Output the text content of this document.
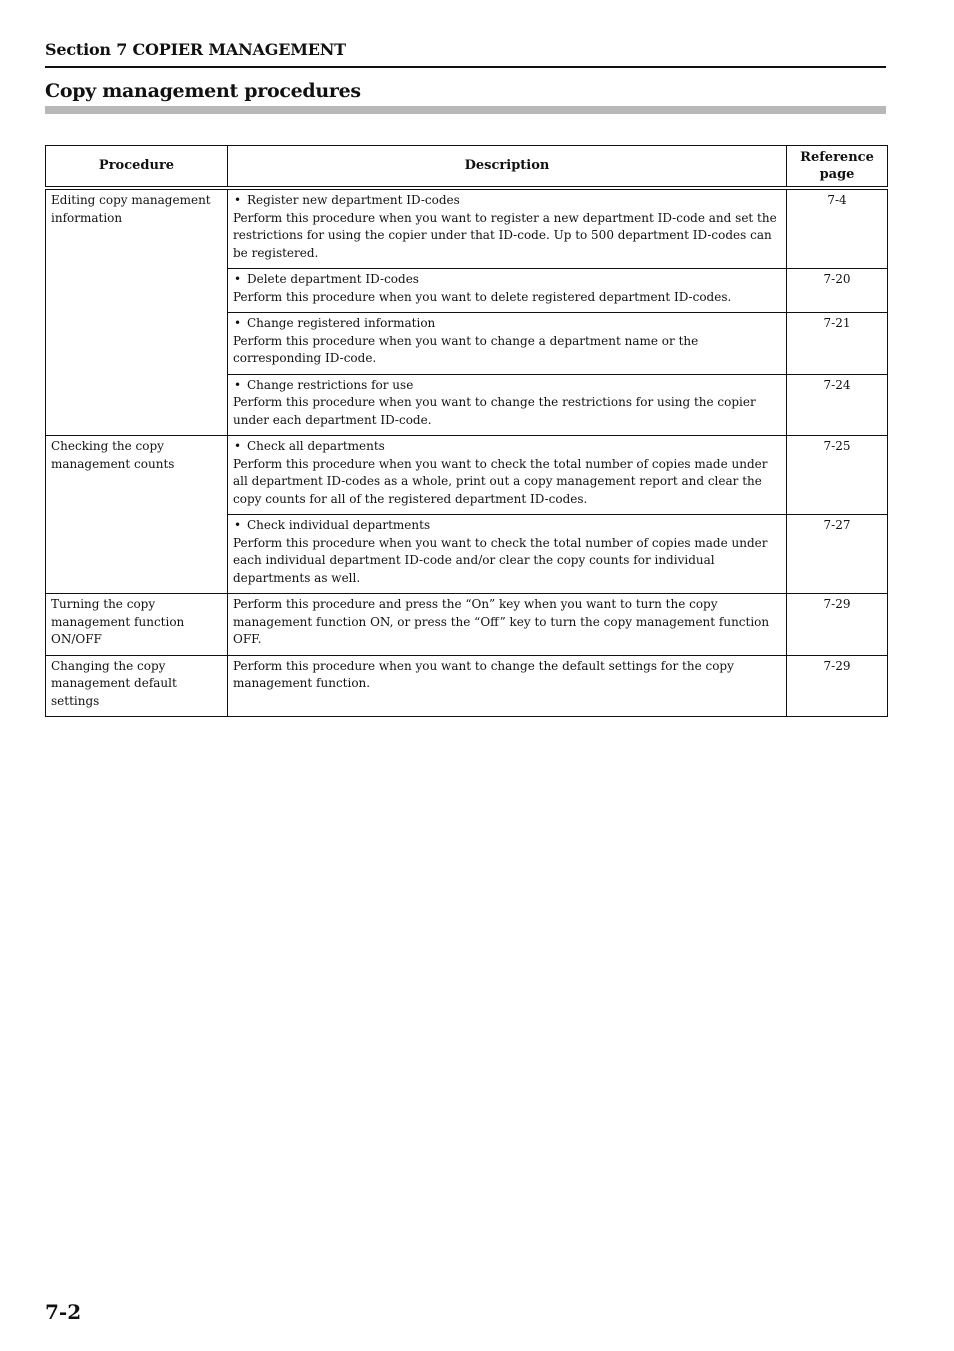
Section 7 COPIER MANAGEMENT
Copy management procedures
Procedure	Description	Reference page
Editing copy management information	• Register new department ID-codes
Perform this procedure when you want to register a new department ID-code and set the restrictions for using the copier under that ID-code. Up to 500 department ID-codes can be registered.	7-4

	• Delete department ID-codes
Perform this procedure when you want to delete registered department ID-codes.	7-20

	• Change registered information
Perform this procedure when you want to change a department name or the corresponding ID-code.	7-21

	• Change restrictions for use
Perform this procedure when you want to change the restrictions for using the copier under each department ID-code.	7-24
Checking the copy management counts	• Check all departments
Perform this procedure when you want to check the total number of copies made under all department ID-codes as a whole, print out a copy management report and clear the copy counts for all of the registered department ID-codes.	7-25

	• Check individual departments
Perform this procedure when you want to check the total number of copies made under each individual department ID-code and/or clear the copy counts for individual departments as well.	7-27
Turning the copy management function ON/OFF	Perform this procedure and press the “On” key when you want to turn the copy management function ON, or press the “Off” key to turn the copy management function OFF.	7-29
Changing the copy management default settings	Perform this procedure when you want to change the default settings for the copy management function.	7-29
7-2
